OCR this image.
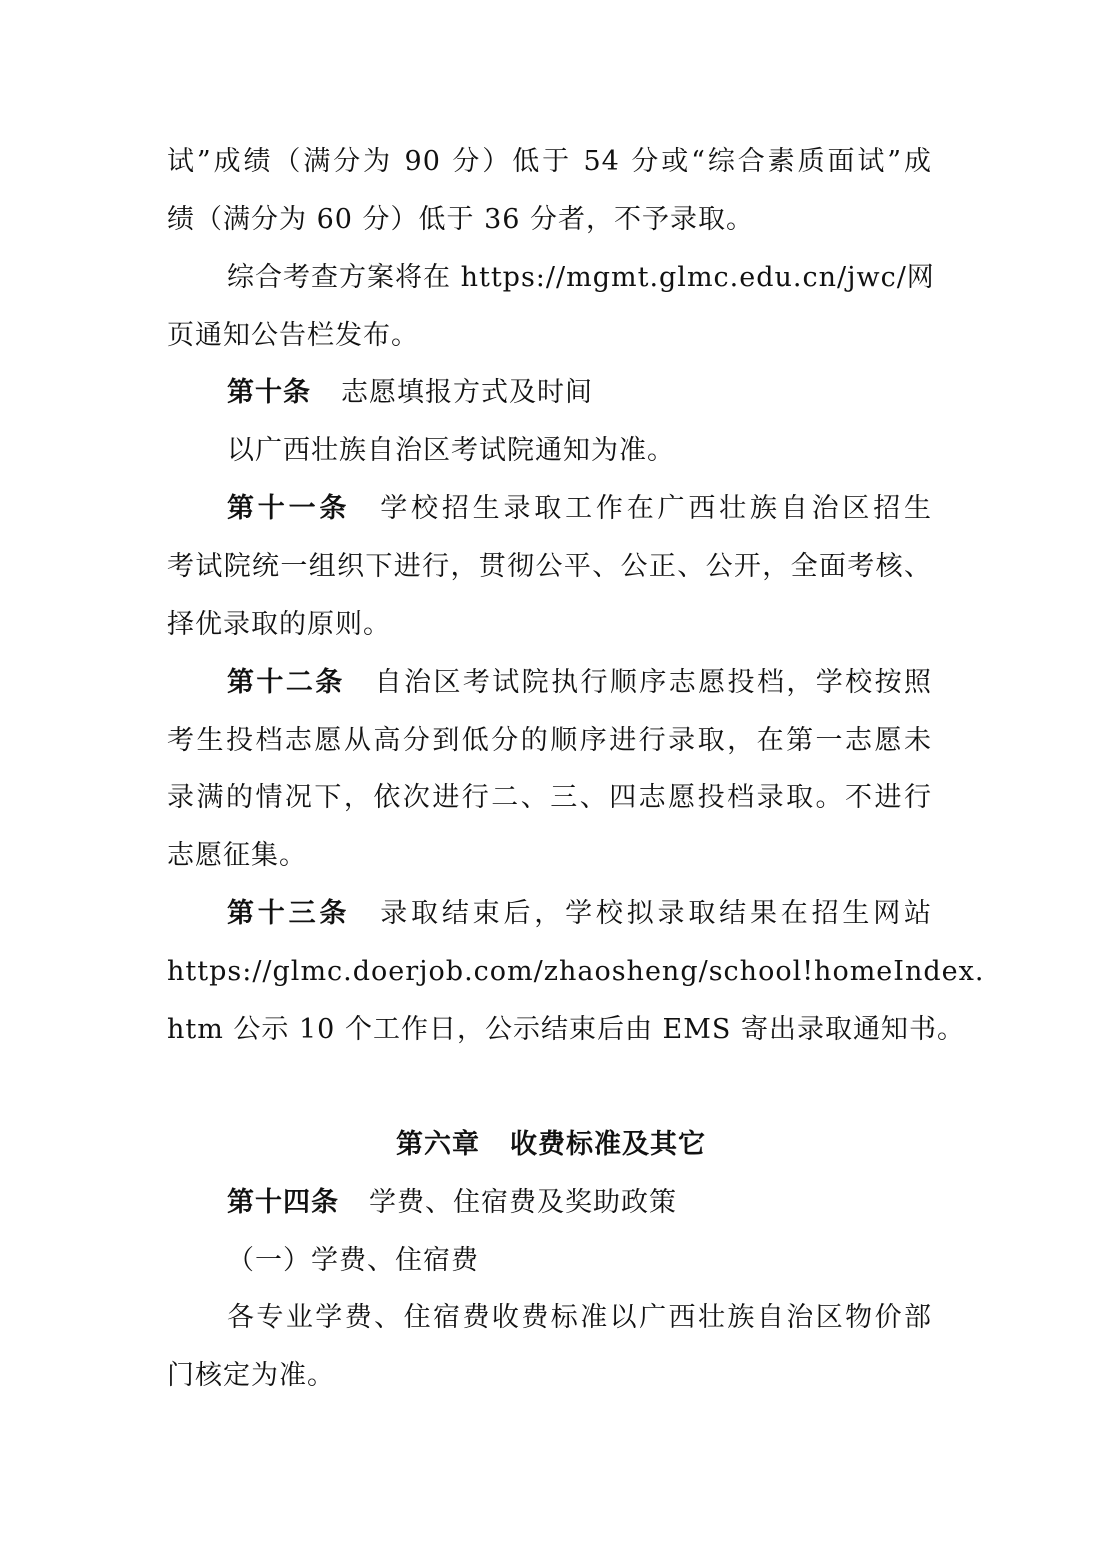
试”成绩（满分为 90 分）低于 54 分或“综合素质面试”成
绩（满分为 60 分）低于 36 分者，不予录取。
综合考查方案将在 https://mgmt.glmc.edu.cn/jwc/网
页通知公告栏发布。
第十条 志愿填报方式及时间
以广西壮族自治区考试院通知为准。
第十一条 学校招生录取工作在广西壮族自治区招生
考试院统一组织下进行，贯彻公平、公正、公开，全面考核、
择优录取的原则。
第十二条 自治区考试院执行顺序志愿投档，学校按照
考生投档志愿从高分到低分的顺序进行录取，在第一志愿未
录满的情况下，依次进行二、三、四志愿投档录取。不进行
志愿征集。
第十三条 录取结束后，学校拟录取结果在招生网站
https://glmc.doerjob.com/zhaosheng/school!homeIndex.
htm 公示 10 个工作日，公示结束后由 EMS 寄出录取通知书。
第六章 收费标准及其它
第十四条 学费、住宿费及奖助政策
（一）学费、住宿费
各专业学费、住宿费收费标准以广西壮族自治区物价部
门核定为准。
